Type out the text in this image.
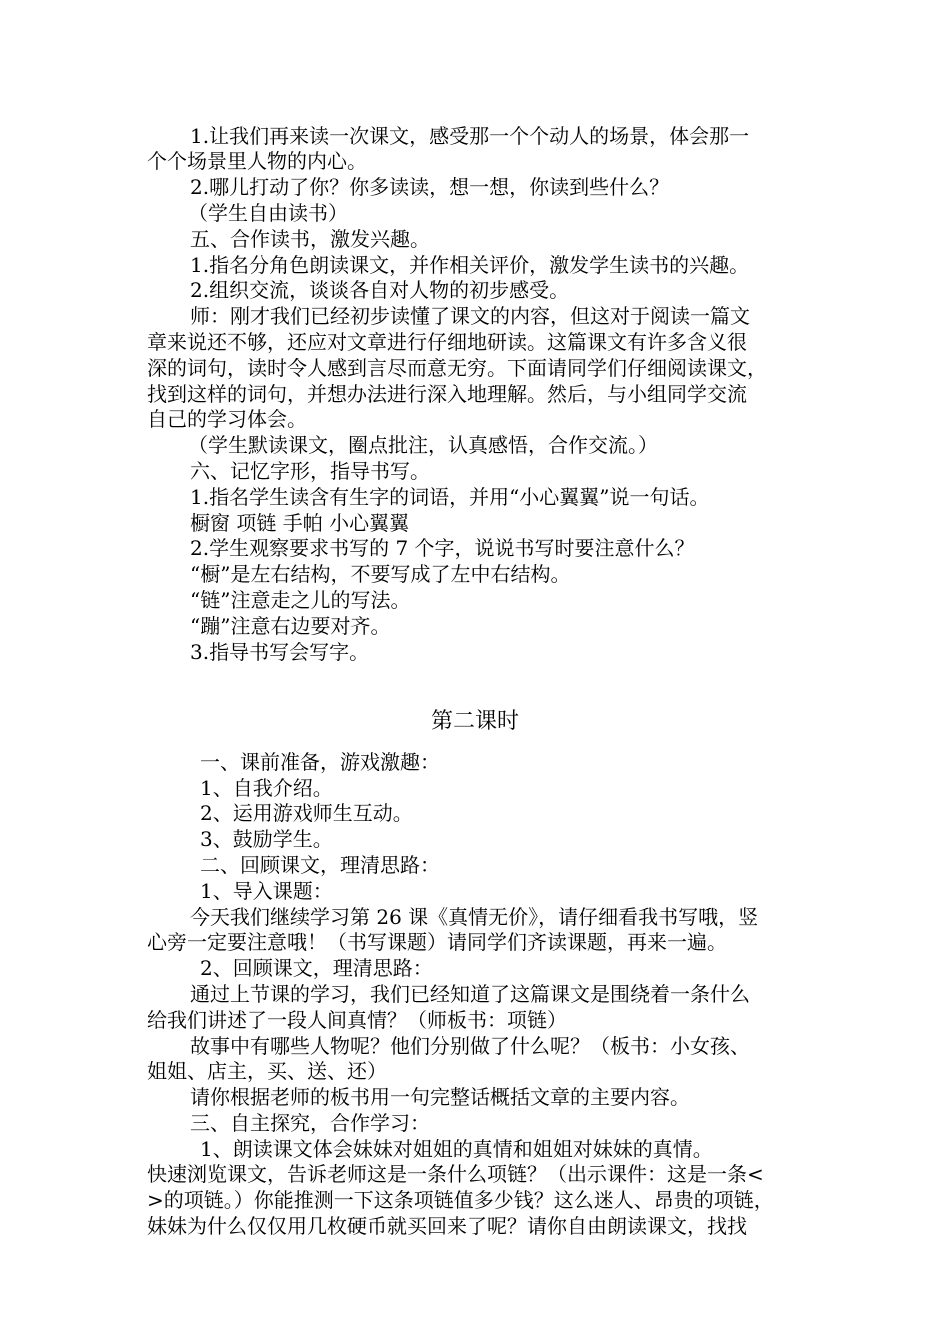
1.让我们再来读一次课文，感受那一个个动人的场景，体会那一
个个场景里人物的内心。
2.哪儿打动了你？你多读读，想一想，你读到些什么？
（学生自由读书）
五、合作读书，激发兴趣。
1.指名分角色朗读课文，并作相关评价，激发学生读书的兴趣。
2.组织交流，谈谈各自对人物的初步感受。
师：刚才我们已经初步读懂了课文的内容，但这对于阅读一篇文
章来说还不够，还应对文章进行仔细地研读。这篇课文有许多含义很
深的词句，读时令人感到言尽而意无穷。下面请同学们仔细阅读课文，
找到这样的词句，并想办法进行深入地理解。然后，与小组同学交流
自己的学习体会。
（学生默读课文，圈点批注，认真感悟，合作交流。）
六、记忆字形，指导书写。
1.指名学生读含有生字的词语，并用“小心翼翼”说一句话。
橱窗 项链 手帕 小心翼翼
2.学生观察要求书写的 7 个字，说说书写时要注意什么？
“橱”是左右结构，不要写成了左中右结构。
“链”注意走之儿的写法。
“蹦”注意右边要对齐。
3.指导书写会写字。
第二课时
一、课前准备，游戏激趣：
1、自我介绍。
2、运用游戏师生互动。
3、鼓励学生。
二、回顾课文，理清思路：
1、导入课题：
今天我们继续学习第 26 课《真情无价》，请仔细看我书写哦，竖
心旁一定要注意哦！（书写课题）请同学们齐读课题，再来一遍。
2、回顾课文，理清思路：
通过上节课的学习，我们已经知道了这篇课文是围绕着一条什么
给我们讲述了一段人间真情？（师板书：项链）
故事中有哪些人物呢？他们分别做了什么呢？（板书：小女孩、
姐姐、店主，买、送、还）
请你根据老师的板书用一句完整话概括文章的主要内容。
三、自主探究，合作学习：
1、朗读课文体会妹妹对姐姐的真情和姐姐对妹妹的真情。
快速浏览课文，告诉老师这是一条什么项链？（出示课件：这是一条<
>的项链。）你能推测一下这条项链值多少钱？这么迷人、昂贵的项链，
妹妹为什么仅仅用几枚硬币就买回来了呢？请你自由朗读课文，找找
